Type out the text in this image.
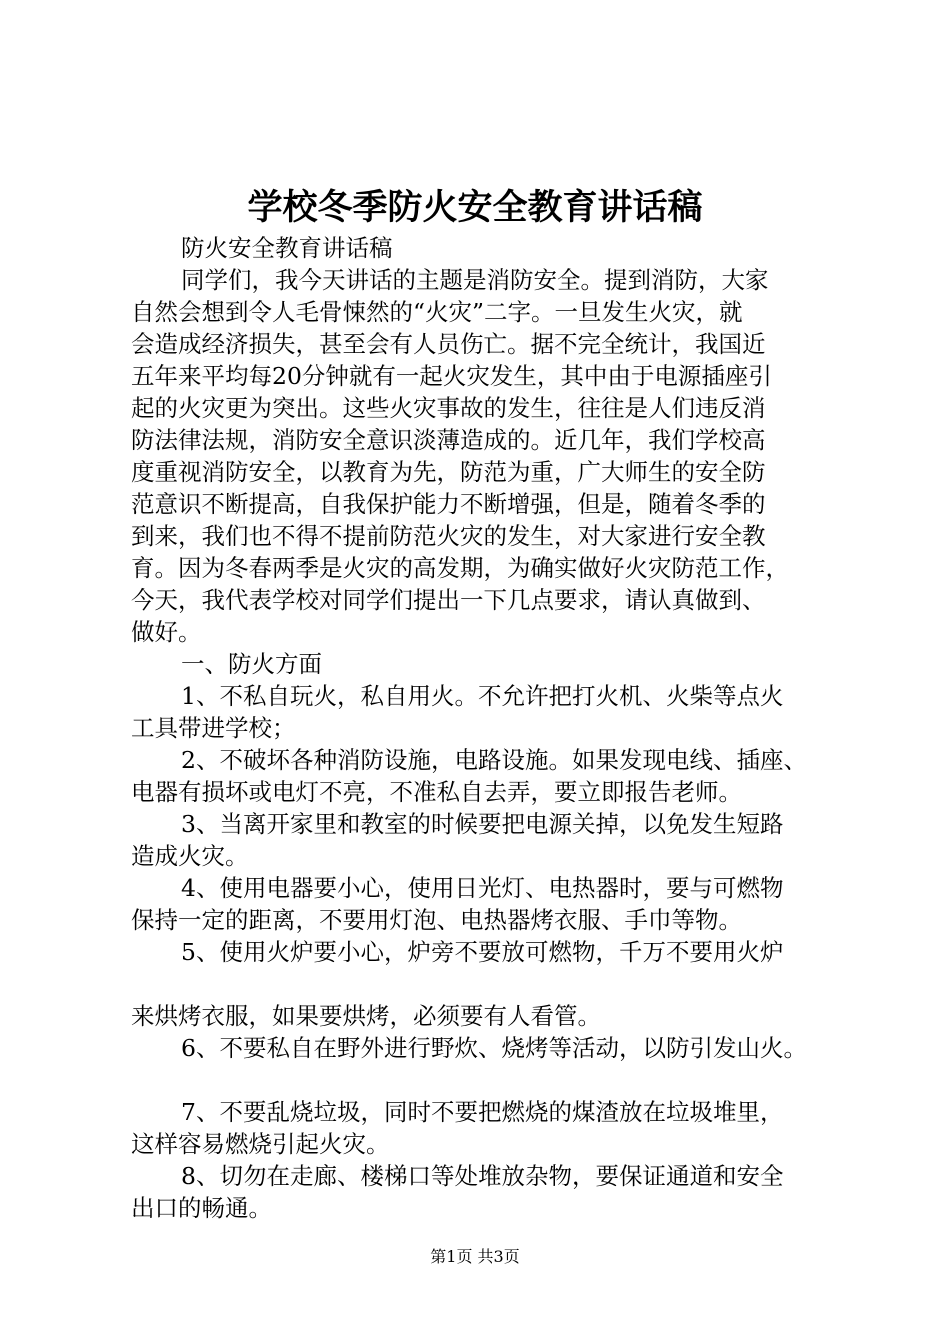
学校冬季防火安全教育讲话稿

防火安全教育讲话稿

同学们，我今天讲话的主题是消防安全。提到消防，大家

自然会想到令人毛骨悚然的“火灾”二字。一旦发生火灾，就

会造成经济损失，甚至会有人员伤亡。据不完全统计，我国近

五年来平均每20分钟就有一起火灾发生，其中由于电源插座引

起的火灾更为突出。这些火灾事故的发生，往往是人们违反消

防法律法规，消防安全意识淡薄造成的。近几年，我们学校高

度重视消防安全，以教育为先，防范为重，广大师生的安全防

范意识不断提高，自我保护能力不断增强，但是，随着冬季的

到来，我们也不得不提前防范火灾的发生，对大家进行安全教

育。因为冬春两季是火灾的高发期，为确实做好火灾防范工作，

今天，我代表学校对同学们提出一下几点要求，请认真做到、

做好。

一、防火方面

1、不私自玩火，私自用火。不允许把打火机、火柴等点火

工具带进学校；

2、不破坏各种消防设施，电路设施。如果发现电线、插座、

电器有损坏或电灯不亮，不准私自去弄，要立即报告老师。

3、当离开家里和教室的时候要把电源关掉，以免发生短路

造成火灾。

4、使用电器要小心，使用日光灯、电热器时，要与可燃物

保持一定的距离，不要用灯泡、电热器烤衣服、手巾等物。

5、使用火炉要小心，炉旁不要放可燃物，千万不要用火炉

来烘烤衣服，如果要烘烤，必须要有人看管。

6、不要私自在野外进行野炊、烧烤等活动，以防引发山火。

7、不要乱烧垃圾，同时不要把燃烧的煤渣放在垃圾堆里，

这样容易燃烧引起火灾。

8、切勿在走廊、楼梯口等处堆放杂物，要保证通道和安全

出口的畅通。

第1页 共3页
